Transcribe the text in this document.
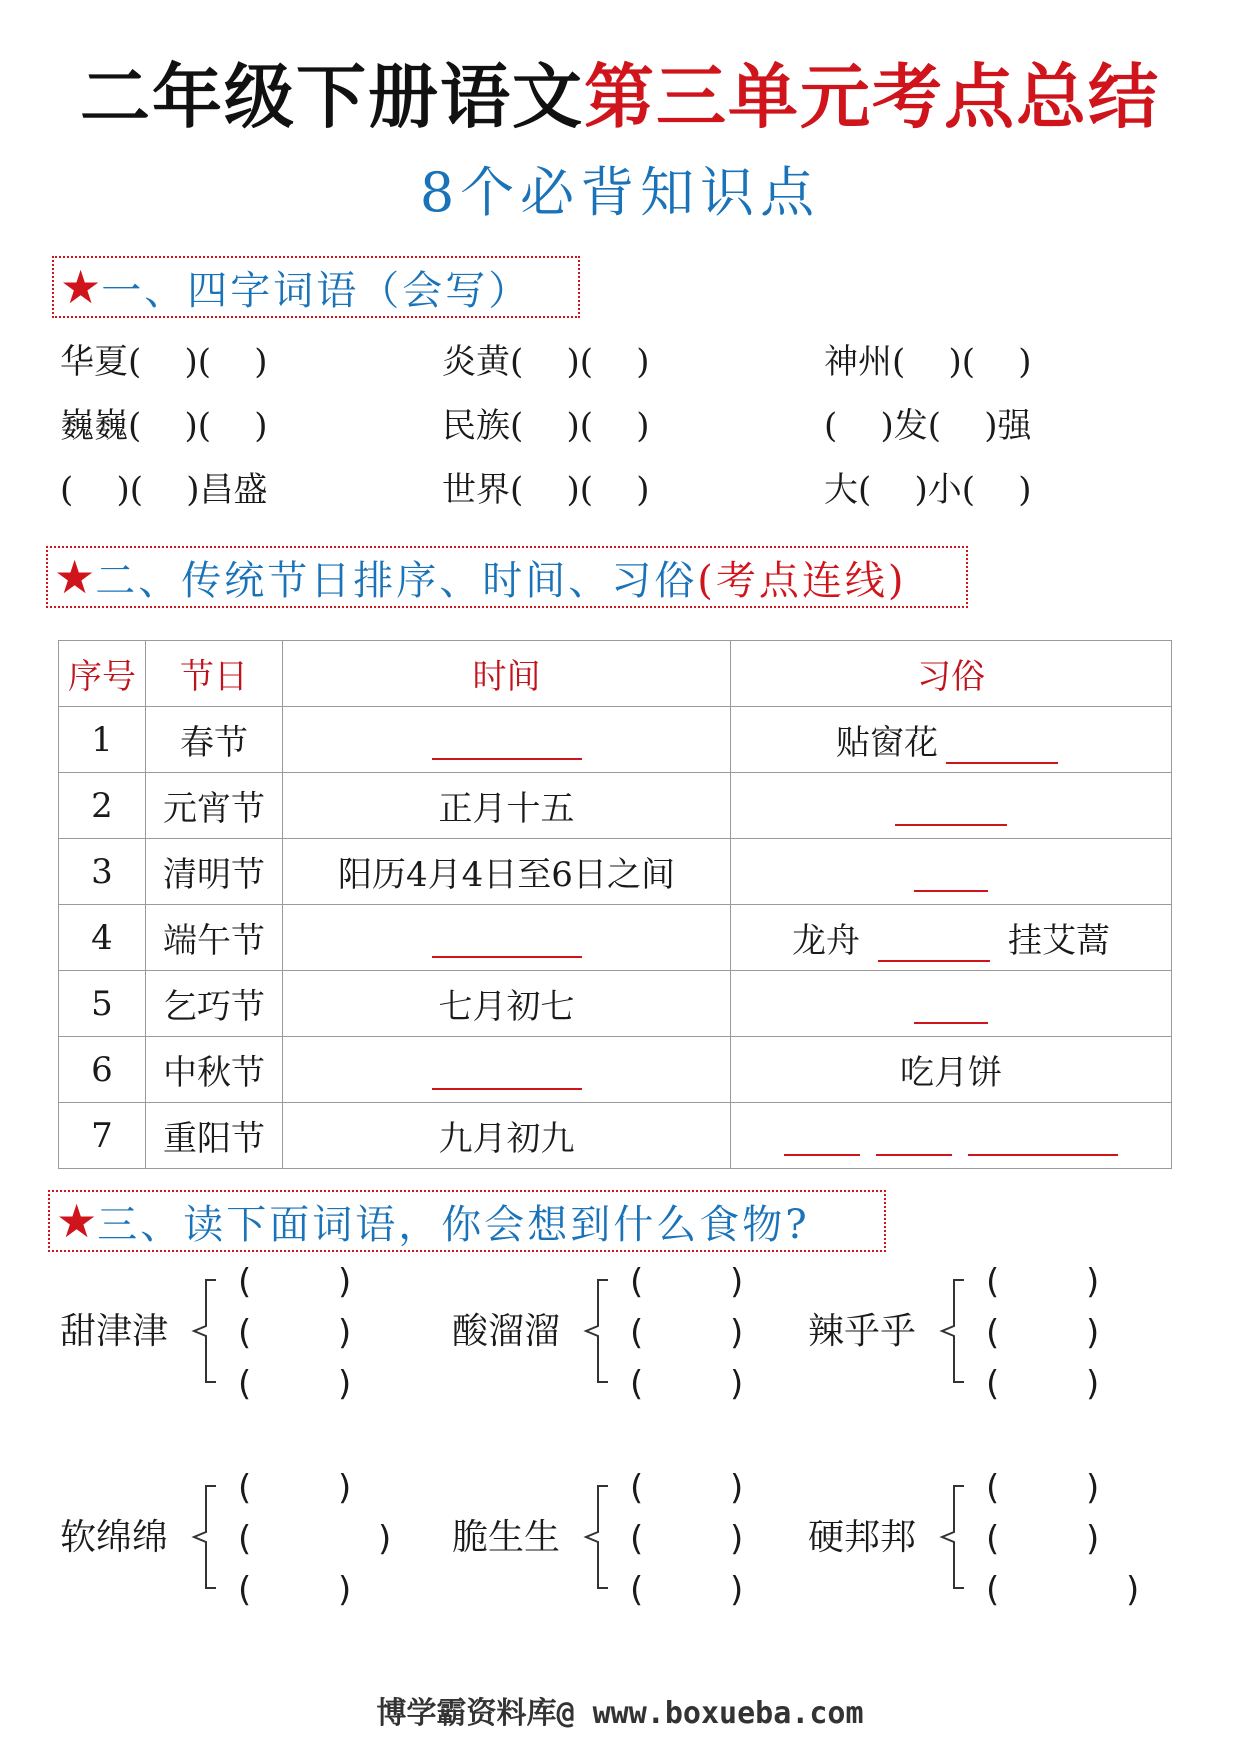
二年级下册语文第三单元考点总结
8个必背知识点
★ 一、四字词语（会写）
华夏(    )(    )	炎黄(    )(    )	神州(    )(    )
巍巍(    )(    )	民族(    )(    )	(    )发(    )强
(    )(    )昌盛	世界(    )(    )	大(    )小(    )
★ 二、传统节日排序、时间、习俗(考点连线)
序号	节日	时间	习俗
1	春节		贴窗花
2	元宵节	正月十五	
3	清明节	阳历4月4日至6日之间	
4	端午节		龙舟 挂艾蒿
5	乞巧节	七月初七	
6	中秋节		吃月饼
7	重阳节	九月初九	
★ 三、读下面词语，你会想到什么食物?
甜津津
(	)
(	)
(	)
酸溜溜
(	)
(	)
(	)
辣乎乎
(	)
(	)
(	)
软绵绵
(	)
(	)
(	)
脆生生
(	)
(	)
(	)
硬邦邦
(	)
(	)
(	)
博学霸资料库@ www.boxueba.com
